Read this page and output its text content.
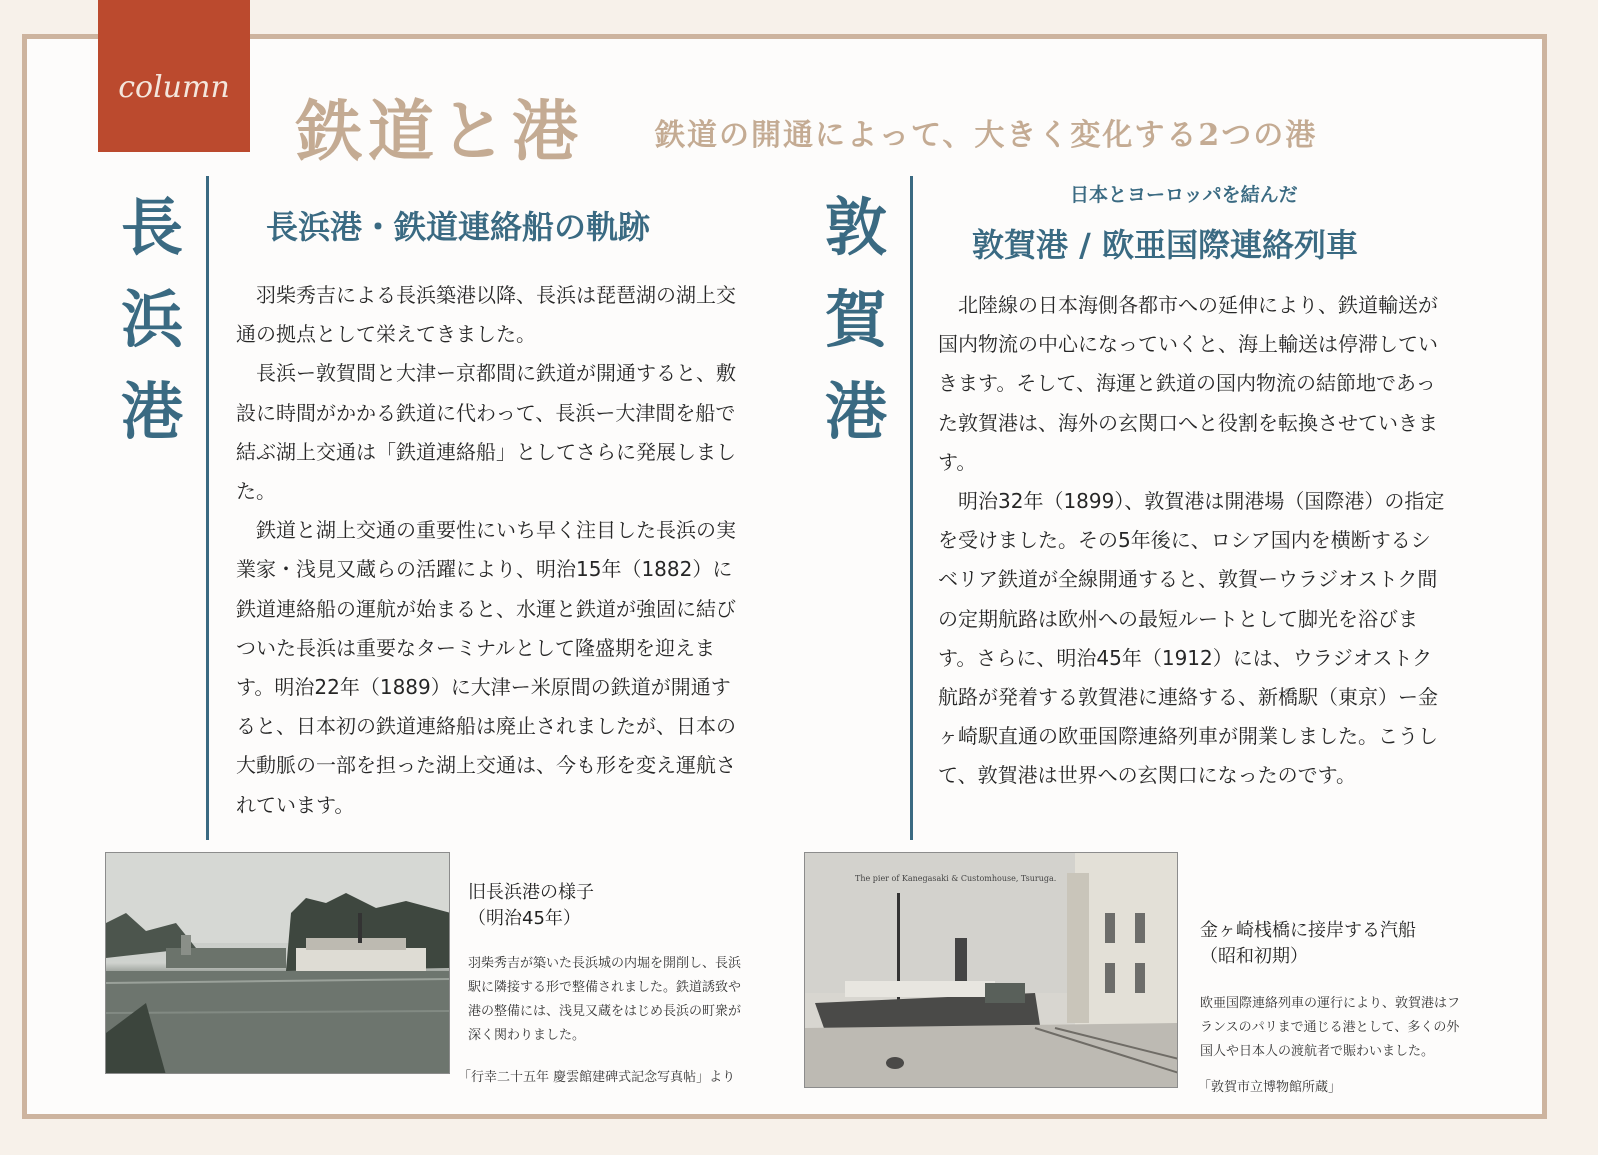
column
鉄道と港 鉄道の開通によって、大きく変化する2つの港
長
浜
港
長浜港・鉄道連絡船の軌跡

羽柴秀吉による長浜築港以降、長浜は琵琶湖の湖上交通の拠点として栄えてきました。

長浜ー敦賀間と大津ー京都間に鉄道が開通すると、敷設に時間がかかる鉄道に代わって、長浜ー大津間を船で結ぶ湖上交通は「鉄道連絡船」としてさらに発展しました。

鉄道と湖上交通の重要性にいち早く注目した長浜の実業家・浅見又蔵らの活躍により、明治15年（1882）に鉄道連絡船の運航が始まると、水運と鉄道が強固に結びついた長浜は重要なターミナルとして隆盛期を迎えます。明治22年（1889）に大津ー米原間の鉄道が開通すると、日本初の鉄道連絡船は廃止されましたが、日本の大動脈の一部を担った湖上交通は、今も形を変え運航されています。

旧長浜港の様子
（明治45年）
羽柴秀吉が築いた長浜城の内堀を開削し、長浜駅に隣接する形で整備されました。鉄道誘致や港の整備には、浅見又蔵をはじめ長浜の町衆が深く関わりました。
「行幸二十五年 慶雲館建碑式記念写真帖」より
敦
賀
港
日本とヨーロッパを結んだ
敦賀港 / 欧亜国際連絡列車

北陸線の日本海側各都市への延伸により、鉄道輸送が国内物流の中心になっていくと、海上輸送は停滞していきます。そして、海運と鉄道の国内物流の結節地であった敦賀港は、海外の玄関口へと役割を転換させていきます。

明治32年（1899）、敦賀港は開港場（国際港）の指定を受けました。その5年後に、ロシア国内を横断するシベリア鉄道が全線開通すると、敦賀ーウラジオストク間の定期航路は欧州への最短ルートとして脚光を浴びます。さらに、明治45年（1912）には、ウラジオストク航路が発着する敦賀港に連絡する、新橋駅（東京）ー金ヶ崎駅直通の欧亜国際連絡列車が開業しました。こうして、敦賀港は世界への玄関口になったのです。

The pier of Kanegasaki & Customhouse, Tsuruga.
金ヶ崎桟橋に接岸する汽船
（昭和初期）
欧亜国際連絡列車の運行により、敦賀港はフランスのパリまで通じる港として、多くの外国人や日本人の渡航者で賑わいました。
「敦賀市立博物館所蔵」
